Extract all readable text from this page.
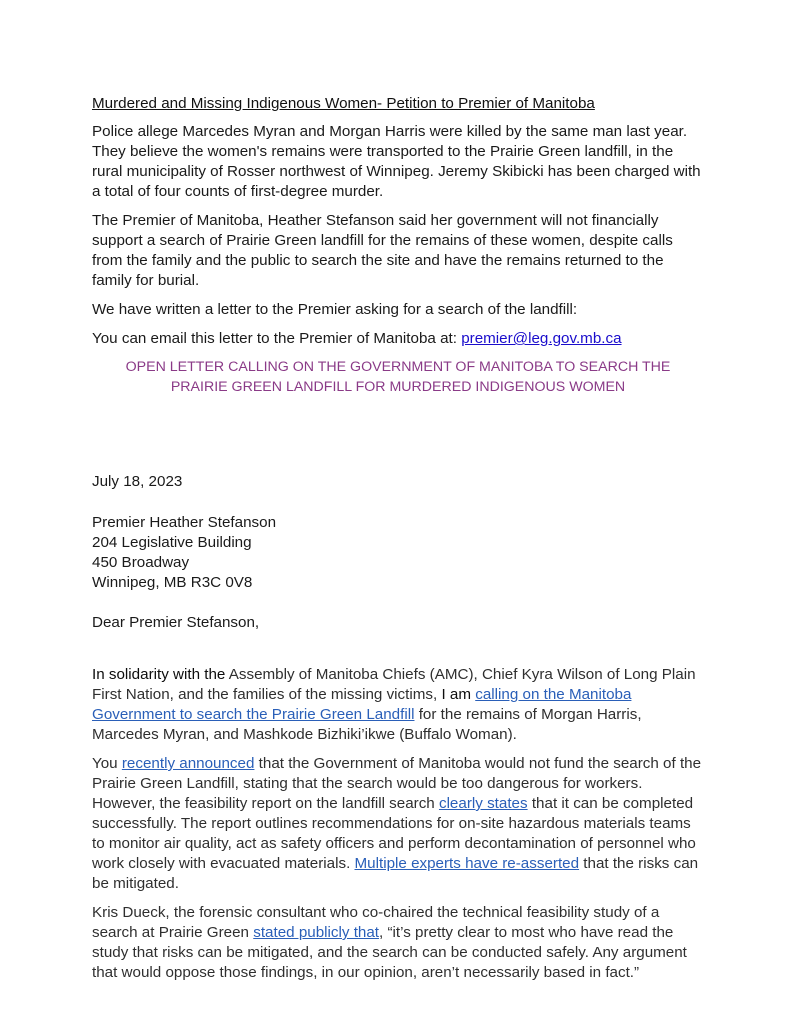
Murdered and Missing Indigenous Women- Petition to Premier of Manitoba

Police allege Marcedes Myran and Morgan Harris were killed by the same man last year. They believe the women's remains were transported to the Prairie Green landfill, in the rural municipality of Rosser northwest of Winnipeg. Jeremy Skibicki has been charged with a total of four counts of first-degree murder.

The Premier of Manitoba, Heather Stefanson said her government will not financially support a search of Prairie Green landfill for the remains of these women, despite calls from the family and the public to search the site and have the remains returned to the family for burial.

We have written a letter to the Premier asking for a search of the landfill:

You can email this letter to the Premier of Manitoba at: premier@leg.gov.mb.ca

OPEN LETTER CALLING ON THE GOVERNMENT OF MANITOBA TO SEARCH THE PRAIRIE GREEN LANDFILL FOR MURDERED INDIGENOUS WOMEN

July 18, 2023

Premier Heather Stefanson

204 Legislative Building

450 Broadway

Winnipeg, MB R3C 0V8

Dear Premier Stefanson,

In solidarity with the Assembly of Manitoba Chiefs (AMC), Chief Kyra Wilson of Long Plain First Nation, and the families of the missing victims, I am calling on the Manitoba Government to search the Prairie Green Landfill for the remains of Morgan Harris, Marcedes Myran, and Mashkode Bizhiki’ikwe (Buffalo Woman).

You recently announced that the Government of Manitoba would not fund the search of the Prairie Green Landfill, stating that the search would be too dangerous for workers. However, the feasibility report on the landfill search clearly states that it can be completed successfully. The report outlines recommendations for on-site hazardous materials teams to monitor air quality, act as safety officers and perform decontamination of personnel who work closely with evacuated materials. Multiple experts have re-asserted that the risks can be mitigated.

Kris Dueck, the forensic consultant who co-chaired the technical feasibility study of a search at Prairie Green stated publicly that, “it’s pretty clear to most who have read the study that risks can be mitigated, and the search can be conducted safely. Any argument that would oppose those findings, in our opinion, aren’t necessarily based in fact.”
